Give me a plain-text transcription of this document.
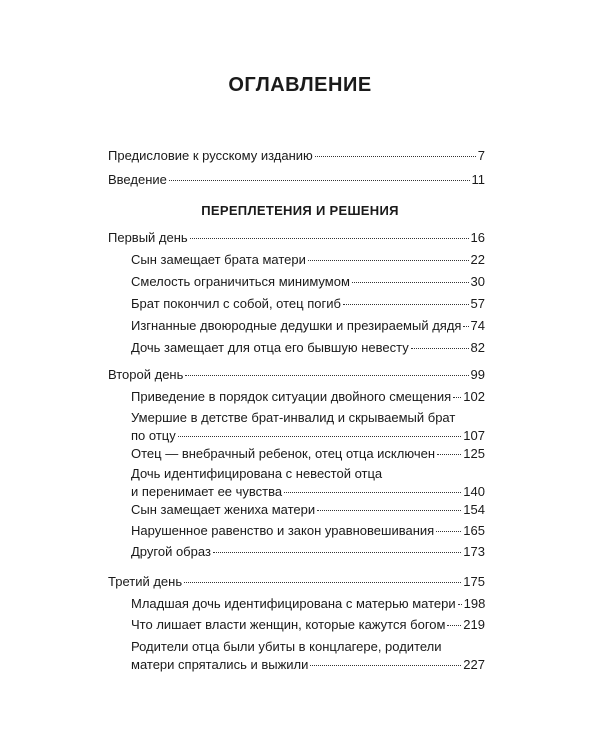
ОГЛАВЛЕНИЕ
Предисловие к русскому изданию	7
Введение	11
ПЕРЕПЛЕТЕНИЯ И РЕШЕНИЯ
Первый день	16
Сын замещает брата матери	22
Смелость ограничиться минимумом	30
Брат покончил с собой, отец погиб	57
Изгнанные двоюродные дедушки и презираемый дядя 74
Дочь замещает для отца его бывшую невесту	82
Второй день	99
Приведение в порядок ситуации двойного смещения 102
Умершие в детстве брат-инвалид и скрываемый брат
по отцу	107
Отец — внебрачный ребенок, отец отца исключен 125
Дочь идентифицирована с невестой отца
и перенимает ее чувства	140
Сын замещает жениха матери	154
Нарушенное равенство и закон уравновешивания 165
Другой образ	173
Третий день	175
Младшая дочь идентифицирована с матерью матери 198
Что лишает власти женщин, которые кажутся богом 219
Родители отца были убиты в концлагере, родители
матери спрятались и выжили	227
